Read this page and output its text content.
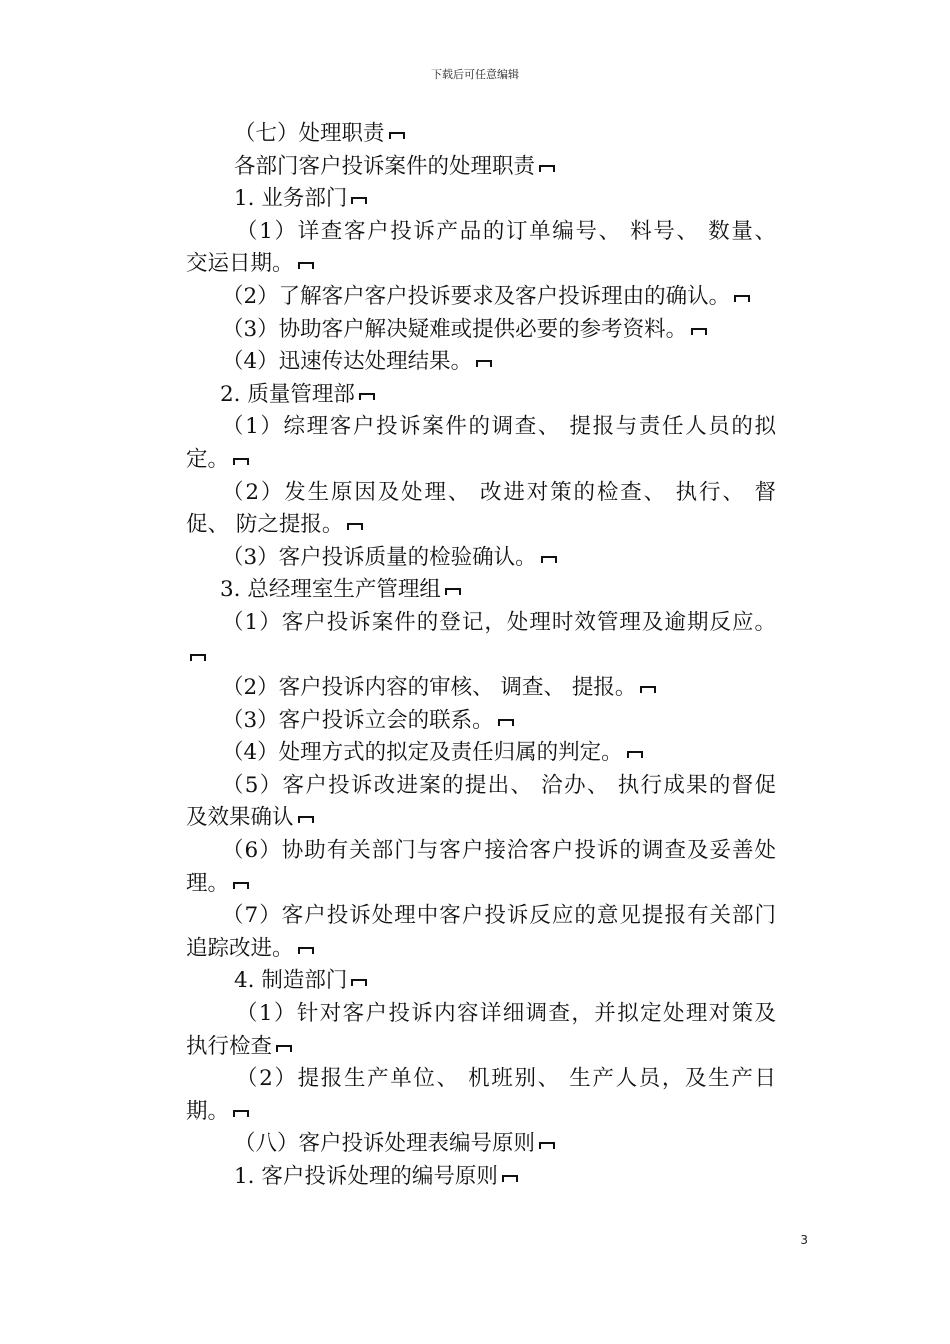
下载后可任意编辑
（七）处理职责
各部门客户投诉案件的处理职责
1. 业务部门
（1）详查客户投诉产品的订单编号、 料号、 数量、
交运日期。
（2）了解客户客户投诉要求及客户投诉理由的确认。
（3）协助客户解决疑难或提供必要的参考资料。
（4）迅速传达处理结果。
2. 质量管理部
（1）综理客户投诉案件的调查、 提报与责任人员的拟
定。
（2）发生原因及处理、 改进对策的检查、 执行、 督
促、 防之提报。
（3）客户投诉质量的检验确认。
3. 总经理室生产管理组
（1）客户投诉案件的登记，处理时效管理及逾期反应。
（2）客户投诉内容的审核、 调查、 提报。
（3）客户投诉立会的联系。
（4）处理方式的拟定及责任归属的判定。
（5）客户投诉改进案的提出、 洽办、 执行成果的督促
及效果确认
（6）协助有关部门与客户接洽客户投诉的调查及妥善处
理。
（7）客户投诉处理中客户投诉反应的意见提报有关部门
追踪改进。
4. 制造部门
（1）针对客户投诉内容详细调查，并拟定处理对策及
执行检查
（2）提报生产单位、 机班别、 生产人员，及生产日
期。
（八）客户投诉处理表编号原则
1. 客户投诉处理的编号原则
3
